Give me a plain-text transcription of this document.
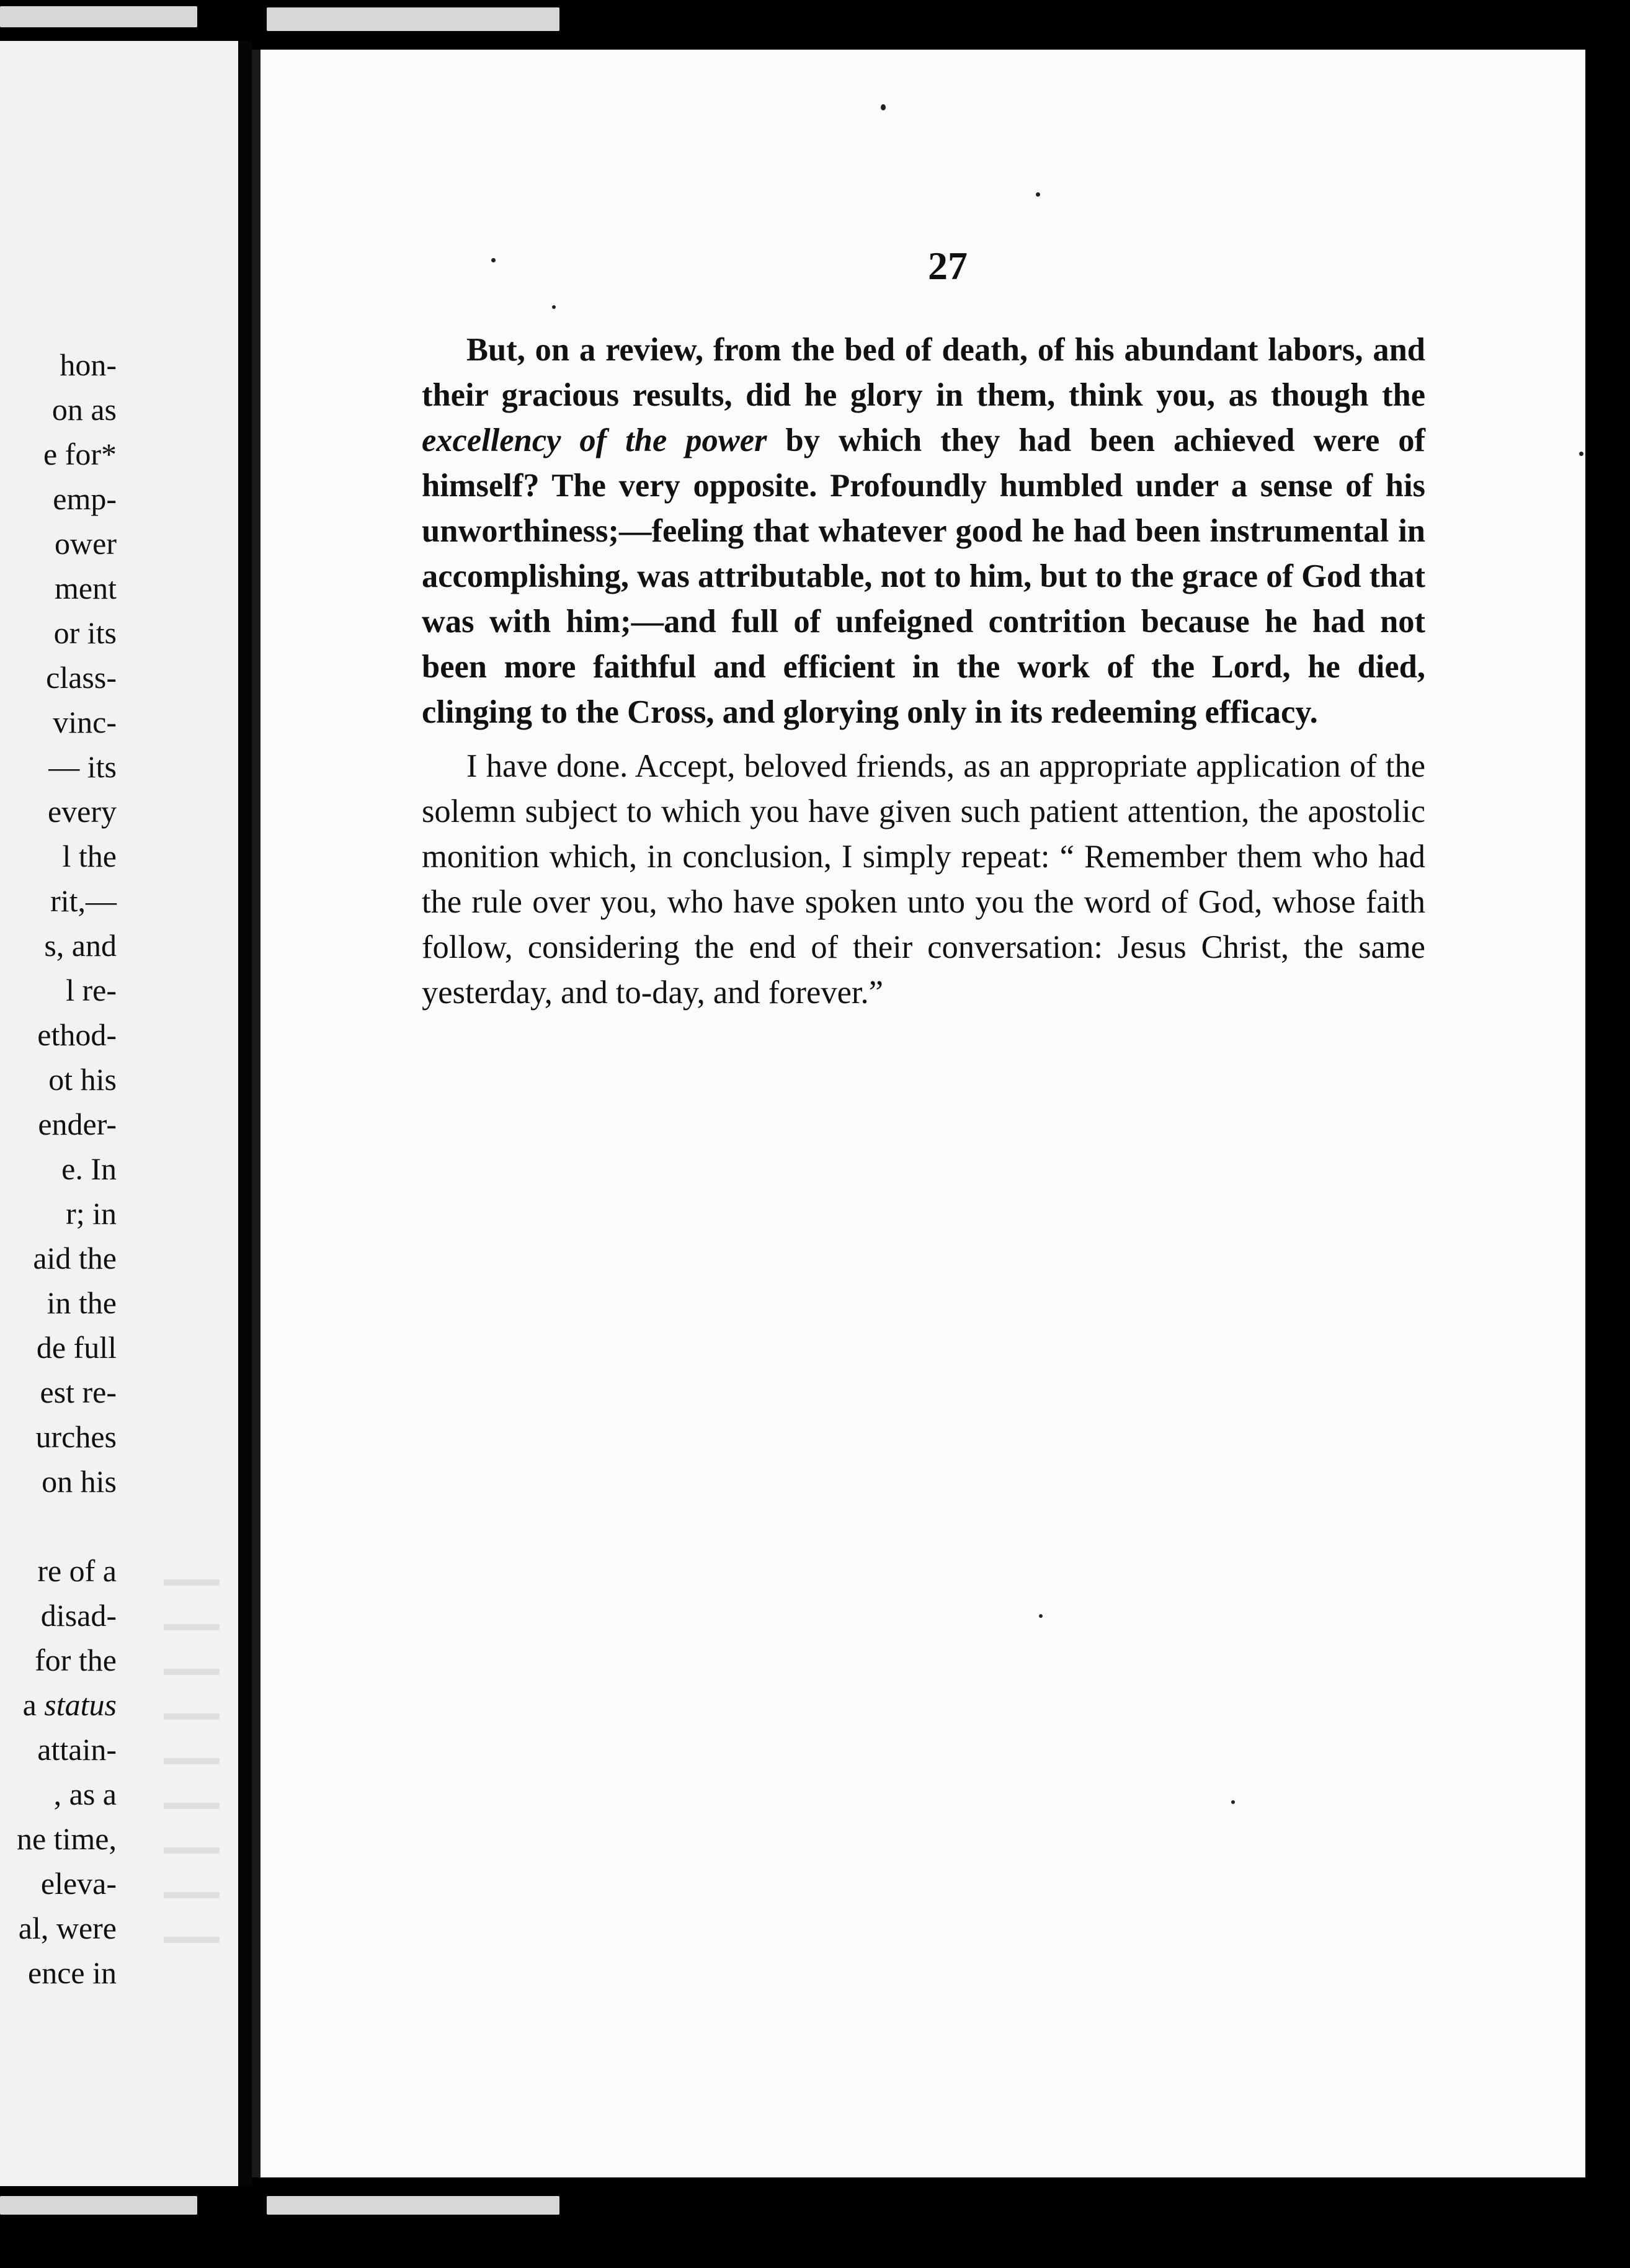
hon-
on as
e for*
emp-
ower
ment
or its
class-
vinc-
— its
every
l the
rit,—
s, and
l re-
ethod-
ot his
ender-
e. In
r; in
aid the
in the
de full
est re-
urches
on his
re of a
disad-
for the
a status
attain-
, as a
ne time,
elevа-
al, were
ence in
27

But, on a review, from the bed of death, of his abundant labors, and their gracious results, did he glory in them, think you, as though the excellency of the power by which they had been achieved were of himself? The very opposite. Profoundly humbled under a sense of his unworthiness;—feeling that whatever good he had been instrumental in accomplishing, was attributable, not to him, but to the grace of God that was with him;—and full of unfeigned contrition because he had not been more faithful and efficient in the work of the Lord, he died, clinging to the Cross, and glorying only in its redeeming efficacy.

I have done. Accept, beloved friends, as an appropriate application of the solemn subject to which you have given such patient attention, the apostolic monition which, in conclusion, I simply repeat: “ Remember them who had the rule over you, who have spoken unto you the word of God, whose faith follow, considering the end of their conversation: Jesus Christ, the same yesterday, and to-day, and forever.”
